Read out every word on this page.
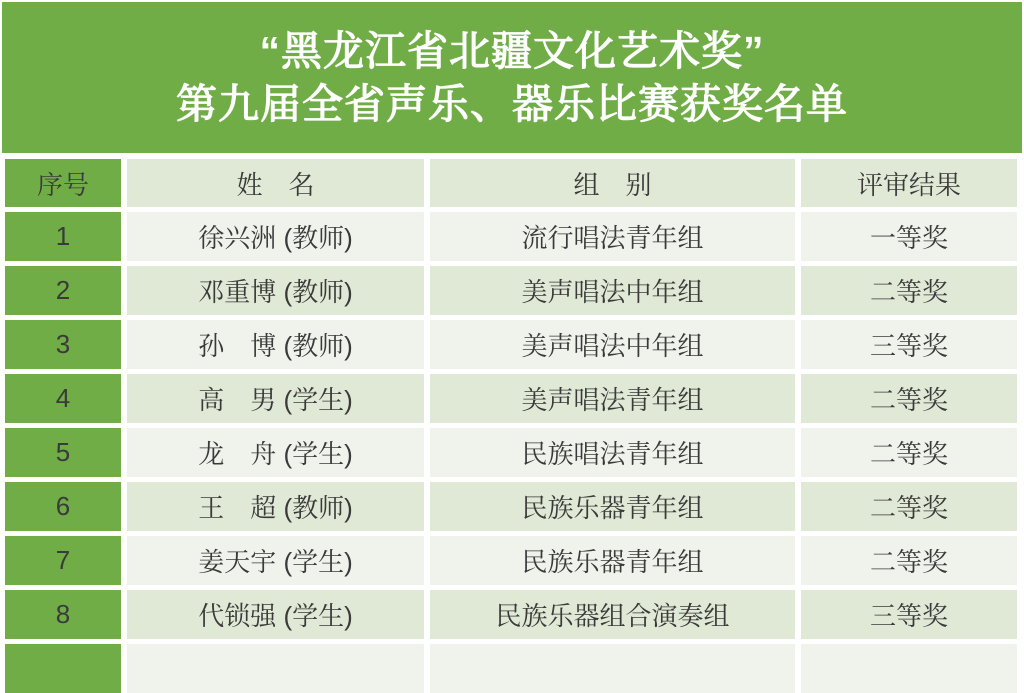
“黑龙江省北疆文化艺术奖”
第九届全省声乐、器乐比赛获奖名单
序号	姓　名	组　别	评审结果
1	徐兴洲 (教师)	流行唱法青年组	一等奖
2	邓重博 (教师)	美声唱法中年组	二等奖
3	孙　博 (教师)	美声唱法中年组	三等奖
4	高　男 (学生)	美声唱法青年组	二等奖
5	龙　舟 (学生)	民族唱法青年组	二等奖
6	王　超 (教师)	民族乐器青年组	二等奖
7	姜天宇 (学生)	民族乐器青年组	二等奖
8	代锁强 (学生)	民族乐器组合演奏组	三等奖
